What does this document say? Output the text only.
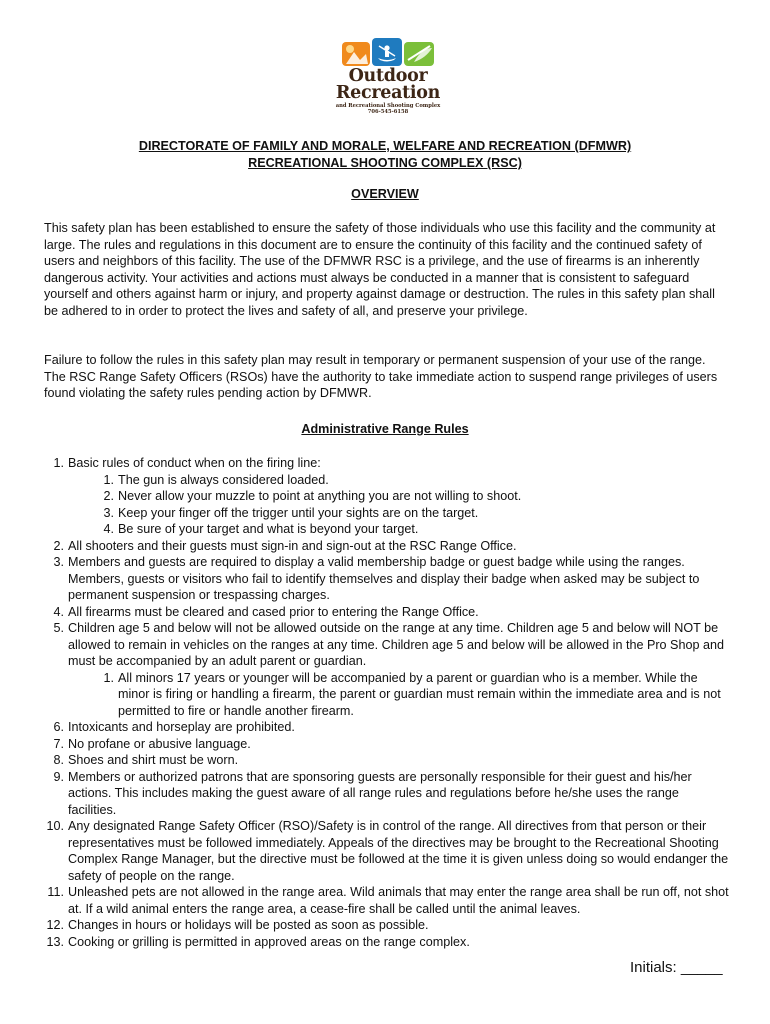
Outdoor
Recreation
and Recreational Shooting Complex
706-545-6158
DIRECTORATE OF FAMILY AND MORALE, WELFARE AND RECREATION (DFMWR)
RECREATIONAL SHOOTING COMPLEX (RSC)
OVERVIEW

This safety plan has been established to ensure the safety of those individuals who use this facility and the community at large. The rules and regulations in this document are to ensure the continuity of this facility and the continued safety of users and neighbors of this facility. The use of the DFMWR RSC is a privilege, and the use of firearms is an inherently dangerous activity. Your activities and actions must always be conducted in a manner that is consistent to safeguard yourself and others against harm or injury, and property against damage or destruction. The rules in this safety plan shall be adhered to in order to protect the lives and safety of all, and preserve your privilege.

Failure to follow the rules in this safety plan may result in temporary or permanent suspension of your use of the range. The RSC Range Safety Officers (RSOs) have the authority to take immediate action to suspend range privileges of users found violating the safety rules pending action by DFMWR.

Administrative Range Rules
1. Basic rules of conduct when on the firing line:
1. The gun is always considered loaded.
2. Never allow your muzzle to point at anything you are not willing to shoot.
3. Keep your finger off the trigger until your sights are on the target.
4. Be sure of your target and what is beyond your target.
2. All shooters and their guests must sign-in and sign-out at the RSC Range Office.
3. Members and guests are required to display a valid membership badge or guest badge while using the ranges. Members, guests or visitors who fail to identify themselves and display their badge when asked may be subject to permanent suspension or trespassing charges.
4. All firearms must be cleared and cased prior to entering the Range Office.
5. Children age 5 and below will not be allowed outside on the range at any time. Children age 5 and below will NOT be allowed to remain in vehicles on the ranges at any time. Children age 5 and below will be allowed in the Pro Shop and must be accompanied by an adult parent or guardian.
1. All minors 17 years or younger will be accompanied by a parent or guardian who is a member. While the minor is firing or handling a firearm, the parent or guardian must remain within the immediate area and is not permitted to fire or handle another firearm.
6. Intoxicants and horseplay are prohibited.
7. No profane or abusive language.
8. Shoes and shirt must be worn.
9. Members or authorized patrons that are sponsoring guests are personally responsible for their guest and his/her actions. This includes making the guest aware of all range rules and regulations before he/she uses the range facilities.
10. Any designated Range Safety Officer (RSO)/Safety is in control of the range. All directives from that person or their representatives must be followed immediately. Appeals of the directives may be brought to the Recreational Shooting Complex Range Manager, but the directive must be followed at the time it is given unless doing so would endanger the safety of people on the range.
11. Unleashed pets are not allowed in the range area. Wild animals that may enter the range area shall be run off, not shot at. If a wild animal enters the range area, a cease-fire shall be called until the animal leaves.
12. Changes in hours or holidays will be posted as soon as possible.
13. Cooking or grilling is permitted in approved areas on the range complex.
Initials: _____
